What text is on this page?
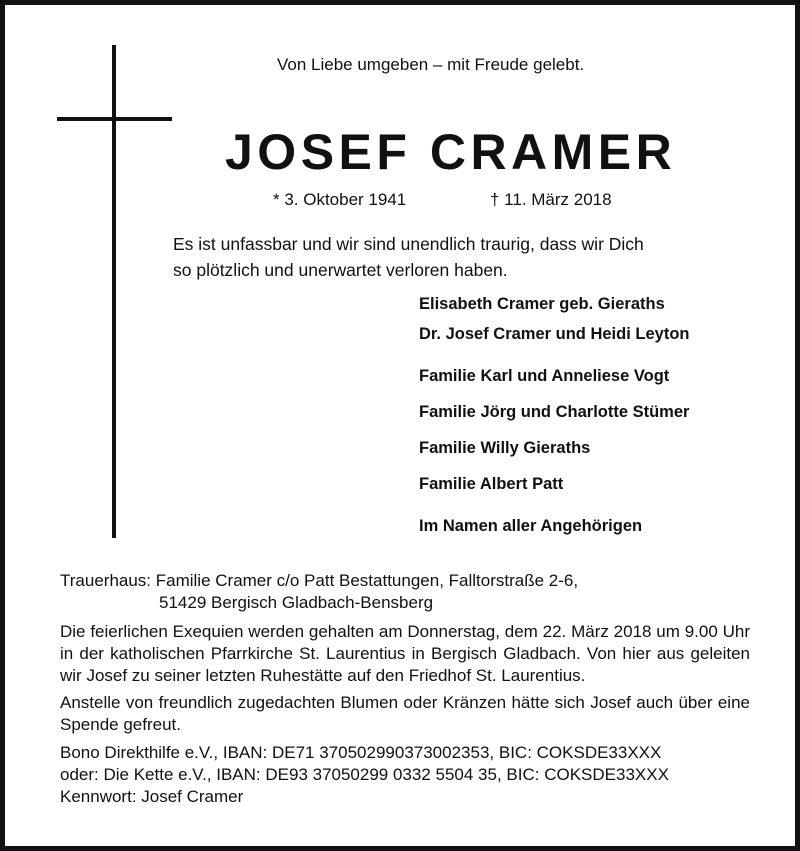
Von Liebe umgeben – mit Freude gelebt.
JOSEF CRAMER
* 3. Oktober 1941	† 11. März 2018
Es ist unfassbar und wir sind unendlich traurig, dass wir Dich
so plötzlich und unerwartet verloren haben.
Elisabeth Cramer geb. Gieraths
Dr. Josef Cramer und Heidi Leyton
Familie Karl und Anneliese Vogt
Familie Jörg und Charlotte Stümer
Familie Willy Gieraths
Familie Albert Patt
Im Namen aller Angehörigen
Trauerhaus: Familie Cramer c/o Patt Bestattungen, Falltorstraße 2-6,
51429 Bergisch Gladbach-Bensberg
Die feierlichen Exequien werden gehalten am Donnerstag, dem 22. März 2018 um 9.00 Uhr in der katholischen Pfarrkirche St. Laurentius in Bergisch Gladbach. Von hier aus geleiten wir Josef zu seiner letzten Ruhestätte auf den Friedhof St. Laurentius.
Anstelle von freundlich zugedachten Blumen oder Kränzen hätte sich Josef auch über eine Spende gefreut.
Bono Direkthilfe e.V., IBAN: DE71 370502990373002353, BIC: COKSDE33XXX
oder: Die Kette e.V., IBAN: DE93 37050299 0332 5504 35, BIC: COKSDE33XXX
Kennwort: Josef Cramer
